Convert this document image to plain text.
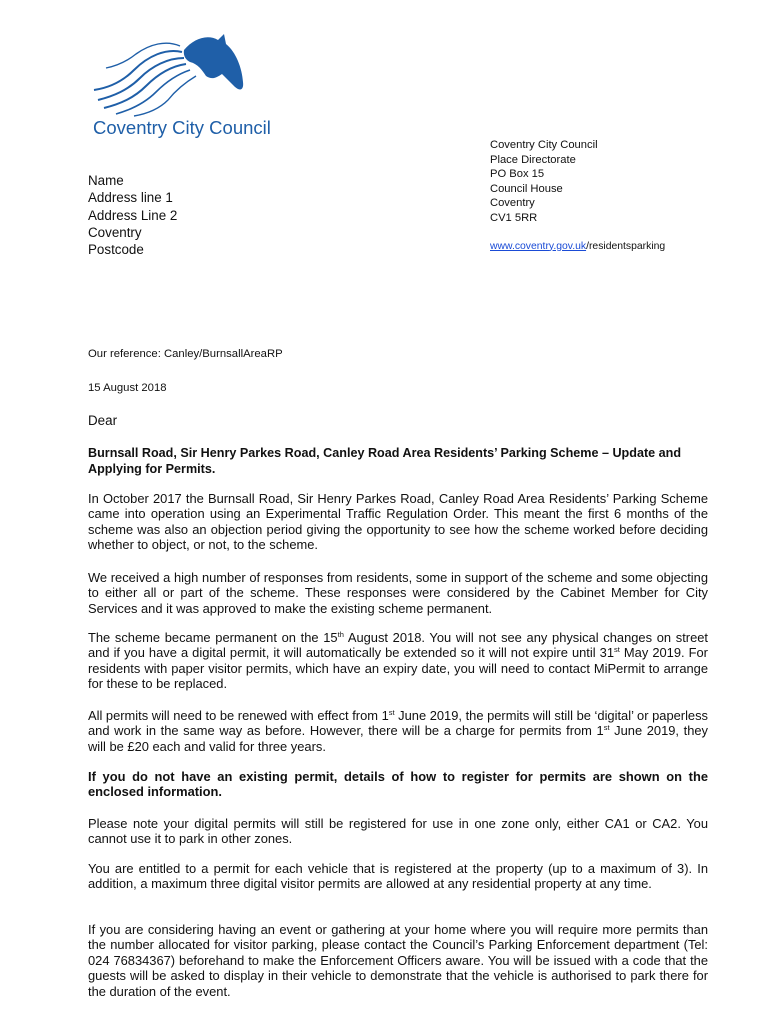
Coventry City Council
Name
Address line 1
Address Line 2
Coventry
Postcode
Coventry City Council
Place Directorate
PO Box 15
Council House
Coventry
CV1 5RR
www.coventry.gov.uk/residentsparking
Our reference: Canley/BurnsallAreaRP
15 August 2018
Dear
Burnsall Road, Sir Henry Parkes Road, Canley Road Area Residents’ Parking Scheme – Update and Applying for Permits.
In October 2017 the Burnsall Road, Sir Henry Parkes Road, Canley Road Area Residents’ Parking Scheme came into operation using an Experimental Traffic Regulation Order. This meant the first 6 months of the scheme was also an objection period giving the opportunity to see how the scheme worked before deciding whether to object, or not, to the scheme.
We received a high number of responses from residents, some in support of the scheme and some objecting to either all or part of the scheme. These responses were considered by the Cabinet Member for City Services and it was approved to make the existing scheme permanent.
The scheme became permanent on the 15th August 2018. You will not see any physical changes on street and if you have a digital permit, it will automatically be extended so it will not expire until 31st May 2019. For residents with paper visitor permits, which have an expiry date, you will need to contact MiPermit to arrange for these to be replaced.
All permits will need to be renewed with effect from 1st June 2019, the permits will still be ‘digital’ or paperless and work in the same way as before. However, there will be a charge for permits from 1st June 2019, they will be £20 each and valid for three years.
If you do not have an existing permit, details of how to register for permits are shown on the enclosed information.
Please note your digital permits will still be registered for use in one zone only, either CA1 or CA2. You cannot use it to park in other zones.
You are entitled to a permit for each vehicle that is registered at the property (up to a maximum of 3). In addition, a maximum three digital visitor permits are allowed at any residential property at any time.
If you are considering having an event or gathering at your home where you will require more permits than the number allocated for visitor parking, please contact the Council’s Parking Enforcement department (Tel: 024 76834367) beforehand to make the Enforcement Officers aware. You will be issued with a code that the guests will be asked to display in their vehicle to demonstrate that the vehicle is authorised to park there for the duration of the event.
